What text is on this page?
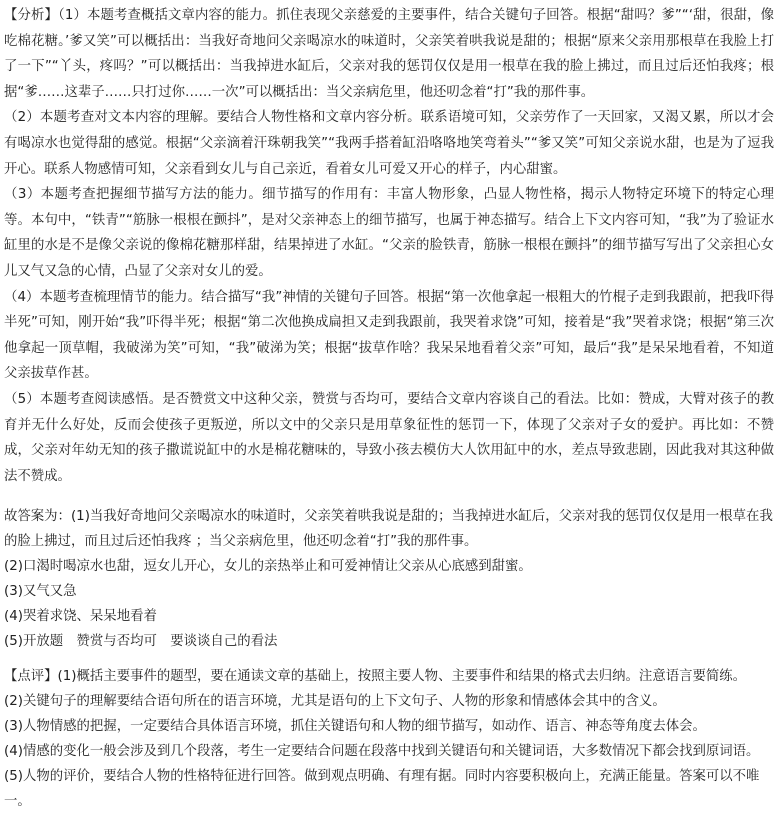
【分析】（1）本题考查概括文章内容的能力。抓住表现父亲慈爱的主要事件，结合关键句子回答。根据“甜吗？爹”“‘甜，很甜，像吃棉花糖。’爹又笑”可以概括出：当我好奇地问父亲喝凉水的味道时，父亲笑着哄我说是甜的；根据“原来父亲用那根草在我脸上打了一下”“丫头，疼吗？”可以概括出：当我掉进水缸后，父亲对我的惩罚仅仅是用一根草在我的脸上拂过，而且过后还怕我疼；根据“爹……这辈子……只打过你……一次”可以概括出：当父亲病危里，他还叨念着“打”我的那件事。

（2）本题考查对文本内容的理解。要结合人物性格和文章内容分析。联系语境可知，父亲劳作了一天回家，又渴又累，所以才会有喝凉水也觉得甜的感觉。根据“父亲滴着汗珠朝我笑”“我两手搭着缸沿咯咯地笑弯着头”“爹又笑”可知父亲说水甜，也是为了逗我开心。联系人物感情可知，父亲看到女儿与自己亲近，看着女儿可爱又开心的样子，内心甜蜜。

（3）本题考查把握细节描写方法的能力。细节描写的作用有：丰富人物形象，凸显人物性格，揭示人物特定环境下的特定心理等。本句中，“铁青”“筋脉一根根在颤抖”，是对父亲神态上的细节描写，也属于神态描写。结合上下文内容可知，“我”为了验证水缸里的水是不是像父亲说的像棉花糖那样甜，结果掉进了水缸。“父亲的脸铁青，筋脉一根根在颤抖”的细节描写写出了父亲担心女儿又气又急的心情，凸显了父亲对女儿的爱。

（4）本题考查梳理情节的能力。结合描写“我”神情的关键句子回答。根据“第一次他拿起一根粗大的竹棍子走到我跟前，把我吓得半死”可知，刚开始“我”吓得半死；根据“第二次他换成扁担又走到我跟前，我哭着求饶”可知，接着是“我”哭着求饶；根据“第三次他拿起一顶草帽，我破涕为笑”可知，“我”破涕为笑；根据“拔草作啥？我呆呆地看着父亲”可知，最后“我”是呆呆地看着，不知道父亲拔草作甚。

（5）本题考查阅读感悟。是否赞赏文中这种父亲，赞赏与否均可，要结合文章内容谈自己的看法。比如：赞成，大臂对孩子的教育并无什么好处，反而会使孩子更叛逆，所以文中的父亲只是用草象征性的惩罚一下，体现了父亲对子女的爱护。再比如：不赞成，父亲对年幼无知的孩子撒谎说缸中的水是棉花糖味的，导致小孩去模仿大人饮用缸中的水，差点导致悲剧，因此我对其这种做法不赞成。

故答案为：(1)当我好奇地问父亲喝凉水的味道时，父亲笑着哄我说是甜的；当我掉进水缸后，父亲对我的惩罚仅仅是用一根草在我的脸上拂过，而且过后还怕我疼 ；当父亲病危里，他还叨念着“打”我的那件事。

(2)口渴时喝凉水也甜，逗女儿开心，女儿的亲热举止和可爱神情让父亲从心底感到甜蜜。

(3)又气又急

(4)哭着求饶、呆呆地看着

(5)开放题　赞赏与否均可　要谈谈自己的看法

【点评】(1)概括主要事件的题型，要在通读文章的基础上，按照主要人物、主要事件和结果的格式去归纳。注意语言要简练。

(2)关键句子的理解要结合语句所在的语言环境，尤其是语句的上下文句子、人物的形象和情感体会其中的含义。

(3)人物情感的把握，一定要结合具体语言环境，抓住关键语句和人物的细节描写，如动作、语言、神态等角度去体会。

(4)情感的变化一般会涉及到几个段落，考生一定要结合问题在段落中找到关键语句和关键词语，大多数情况下都会找到原词语。

(5)人物的评价，要结合人物的性格特征进行回答。做到观点明确、有理有据。同时内容要积极向上，充满正能量。答案可以不唯一。
